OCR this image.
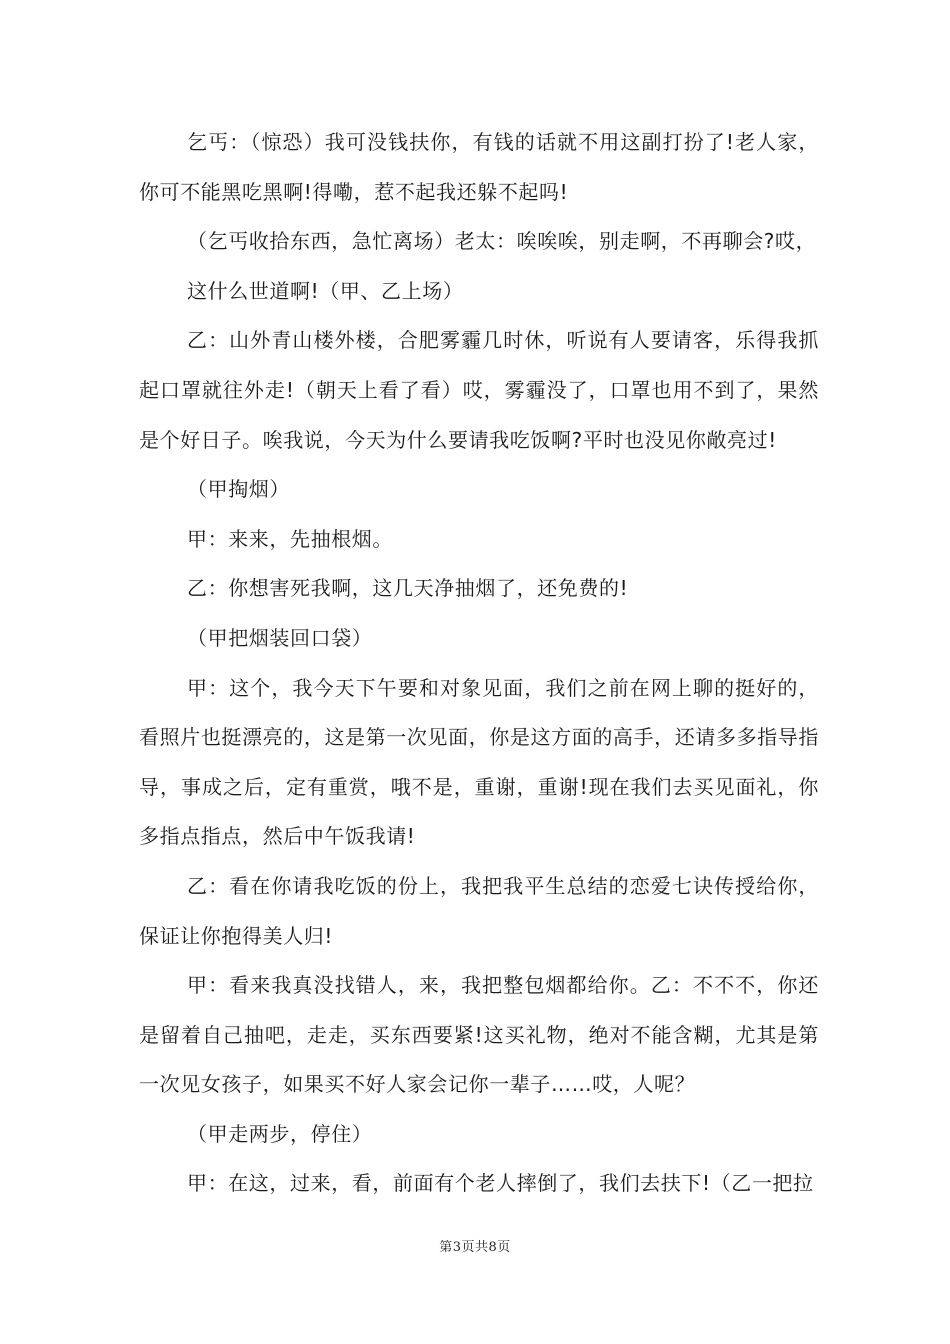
乞丐：（惊恐）我可没钱扶你，有钱的话就不用这副打扮了!老人家，你可不能黑吃黑啊!得嘞，惹不起我还躲不起吗!

（乞丐收拾东西，急忙离场）老太：唉唉唉，别走啊，不再聊会?哎，

这什么世道啊!（甲、乙上场）

乙：山外青山楼外楼，合肥雾霾几时休，听说有人要请客，乐得我抓起口罩就往外走!（朝天上看了看）哎，雾霾没了，口罩也用不到了，果然是个好日子。唉我说，今天为什么要请我吃饭啊?平时也没见你敞亮过!

（甲掏烟）

甲：来来，先抽根烟。

乙：你想害死我啊，这几天净抽烟了，还免费的!

（甲把烟装回口袋）

甲：这个，我今天下午要和对象见面，我们之前在网上聊的挺好的，看照片也挺漂亮的，这是第一次见面，你是这方面的高手，还请多多指导指导，事成之后，定有重赏，哦不是，重谢，重谢!现在我们去买见面礼，你多指点指点，然后中午饭我请!

乙：看在你请我吃饭的份上，我把我平生总结的恋爱七诀传授给你，保证让你抱得美人归!

甲：看来我真没找错人，来，我把整包烟都给你。乙：不不不，你还是留着自己抽吧，走走，买东西要紧!这买礼物，绝对不能含糊，尤其是第一次见女孩子，如果买不好人家会记你一辈子……哎，人呢？

（甲走两步，停住）

甲：在这，过来，看，前面有个老人摔倒了，我们去扶下!（乙一把拉

第3页共8页
